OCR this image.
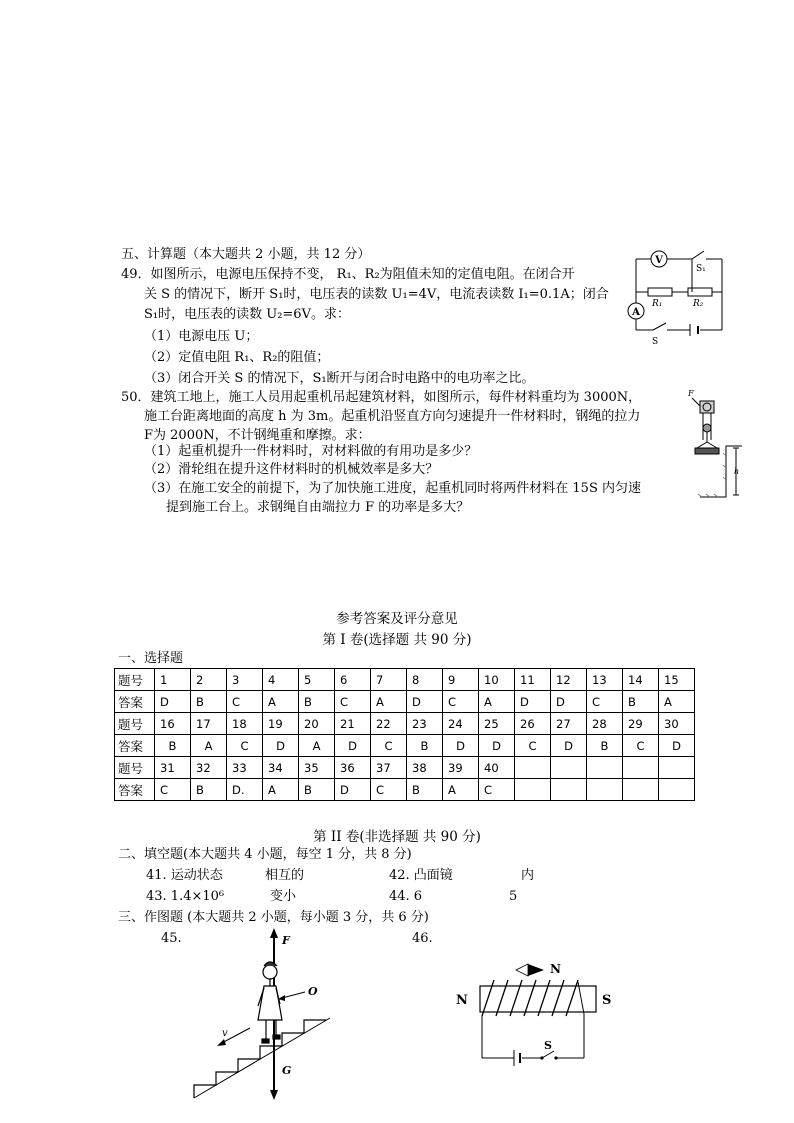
五、计算题（本大题共 2 小题，共 12 分）
49．如图所示，电源电压保持不变， R₁、R₂为阻值未知的定值电阻。在闭合开
关 S 的情况下，断开 S₁时，电压表的读数 U₁=4V，电流表读数 I₁=0.1A；闭合
S₁时，电压表的读数 U₂=6V。求：
（1）电源电压 U；
（2）定值电阻 R₁、R₂的阻值；
（3）闭合开关 S 的情况下，S₁断开与闭合时电路中的电功率之比。
50．建筑工地上，施工人员用起重机吊起建筑材料，如图所示，每件材料重均为 3000N，
施工台距离地面的高度 h 为 3m。起重机沿竖直方向匀速提升一件材料时，钢绳的拉力
F为 2000N，不计钢绳重和摩擦。求：
（1）起重机提升一件材料时，对材料做的有用功是多少？
（2）滑轮组在提升这件材料时的机械效率是多大？
（3）在施工安全的前提下，为了加快施工进度，起重机同时将两件材料在 15S 内匀速
提到施工台上。求钢绳自由端拉力 F 的功率是多大？
V
A
S₁
R₁	R₂
S
F
h
参考答案及评分意见
第 I 卷(选择题 共 90 分)
一、选择题
题号	1	2	3	4	5	6	7	8	9	10	11	12	13	14	15
答案	D	B	C	A	B	C	A	D	C	A	D	D	C	B	A
题号	16	17	18	19	20	21	22	23	24	25	26	27	28	29	30
答案	B	A	C	D	A	D	C	B	D	D	C	D	B	C	D
题号	31	32	33	34	35	36	37	38	39	40					
答案	C	B	D.	A	B	D	C	B	A	C					
第 II 卷(非选择题 共 90 分)
二、填空题(本大题共 4 小题，每空 1 分，共 8 分)
41. 运动状态	相互的	42. 凸面镜	内
43. 1.4×10⁶	变小	44. 6	5
三、作图题 (本大题共 2 小题，每小题 3 分，共 6 分)
45.	46.
v
F
G
O
N
N	S
S
